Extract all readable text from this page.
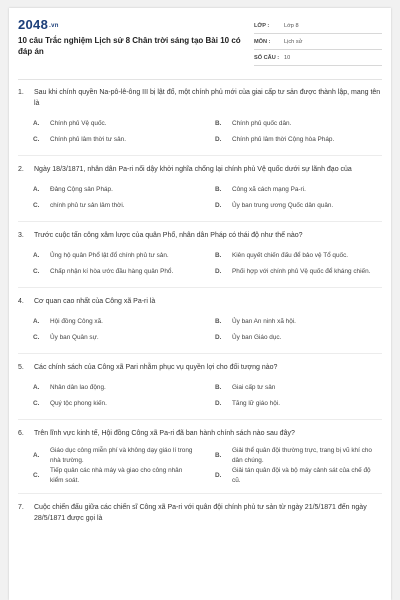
2048.vn
10 câu Trắc nghiệm Lịch sử 8 Chân trời sáng tạo Bài 10 có đáp án
LỚP :	Lớp 8
MÔN :	Lịch sử
SỐ CÂU : 10
1. Sau khi chính quyền Na-pô-lê-ông III bị lật đổ, một chính phủ mới của giai cấp tư sản được thành lập, mang tên là
A.	Chính phủ Vệ quốc.	B.	Chính phủ quốc dân.
C.	Chính phủ lâm thời tư sản.	D.	Chính phủ lâm thời Cộng hòa Pháp.
2. Ngày 18/3/1871, nhân dân Pa-ri nổi dậy khởi nghĩa chống lại chính phủ Vệ quốc dưới sự lãnh đạo của
A.	Đảng Cộng sản Pháp.	B.	Công xã cách mạng Pa-ri.
C.	chính phủ tư sản lâm thời.	D.	Ủy ban trung ương Quốc dân quân.
3. Trước cuộc tấn công xâm lược của quân Phổ, nhân dân Pháp có thái độ như thế nào?
A.	Ủng hộ quân Phổ lật đổ chính phủ tư sản.	B.	Kiên quyết chiến đấu để bảo vệ Tổ quốc.
C.	Chấp nhận kí hòa ước đầu hàng quân Phổ.	D.	Phối hợp với chính phủ Vệ quốc để kháng chiến.
4. Cơ quan cao nhất của Công xã Pa-ri là
A.	Hội đồng Công xã.	B.	Ủy ban An ninh xã hội.
C.	Ủy ban Quân sự.	D.	Ủy ban Giáo dục.
5. Các chính sách của Công xã Pari nhằm phục vụ quyền lợi cho đối tượng nào?
A.	Nhân dân lao động.	B.	Giai cấp tư sản
C.	Quý tộc phong kiến.	D.	Tăng lữ giáo hội.
6. Trên lĩnh vực kinh tế, Hội đồng Công xã Pa-ri đã ban hành chính sách nào sau đây?
A.
Giáo dục công miễn phí và không dạy giáo lí trong nhà trường.
B.
Giải thể quân đội thường trực, trang bị vũ khí cho dân chúng.
C.
Tiếp quản các nhà máy và giao cho công nhân kiểm soát.
D.
Giải tán quân đội và bộ máy cảnh sát của chế độ cũ.
7. Cuộc chiến đấu giữa các chiến sĩ Công xã Pa-ri với quân đội chính phủ tư sản từ ngày 21/5/1871 đến ngày 28/5/1871 được gọi là
